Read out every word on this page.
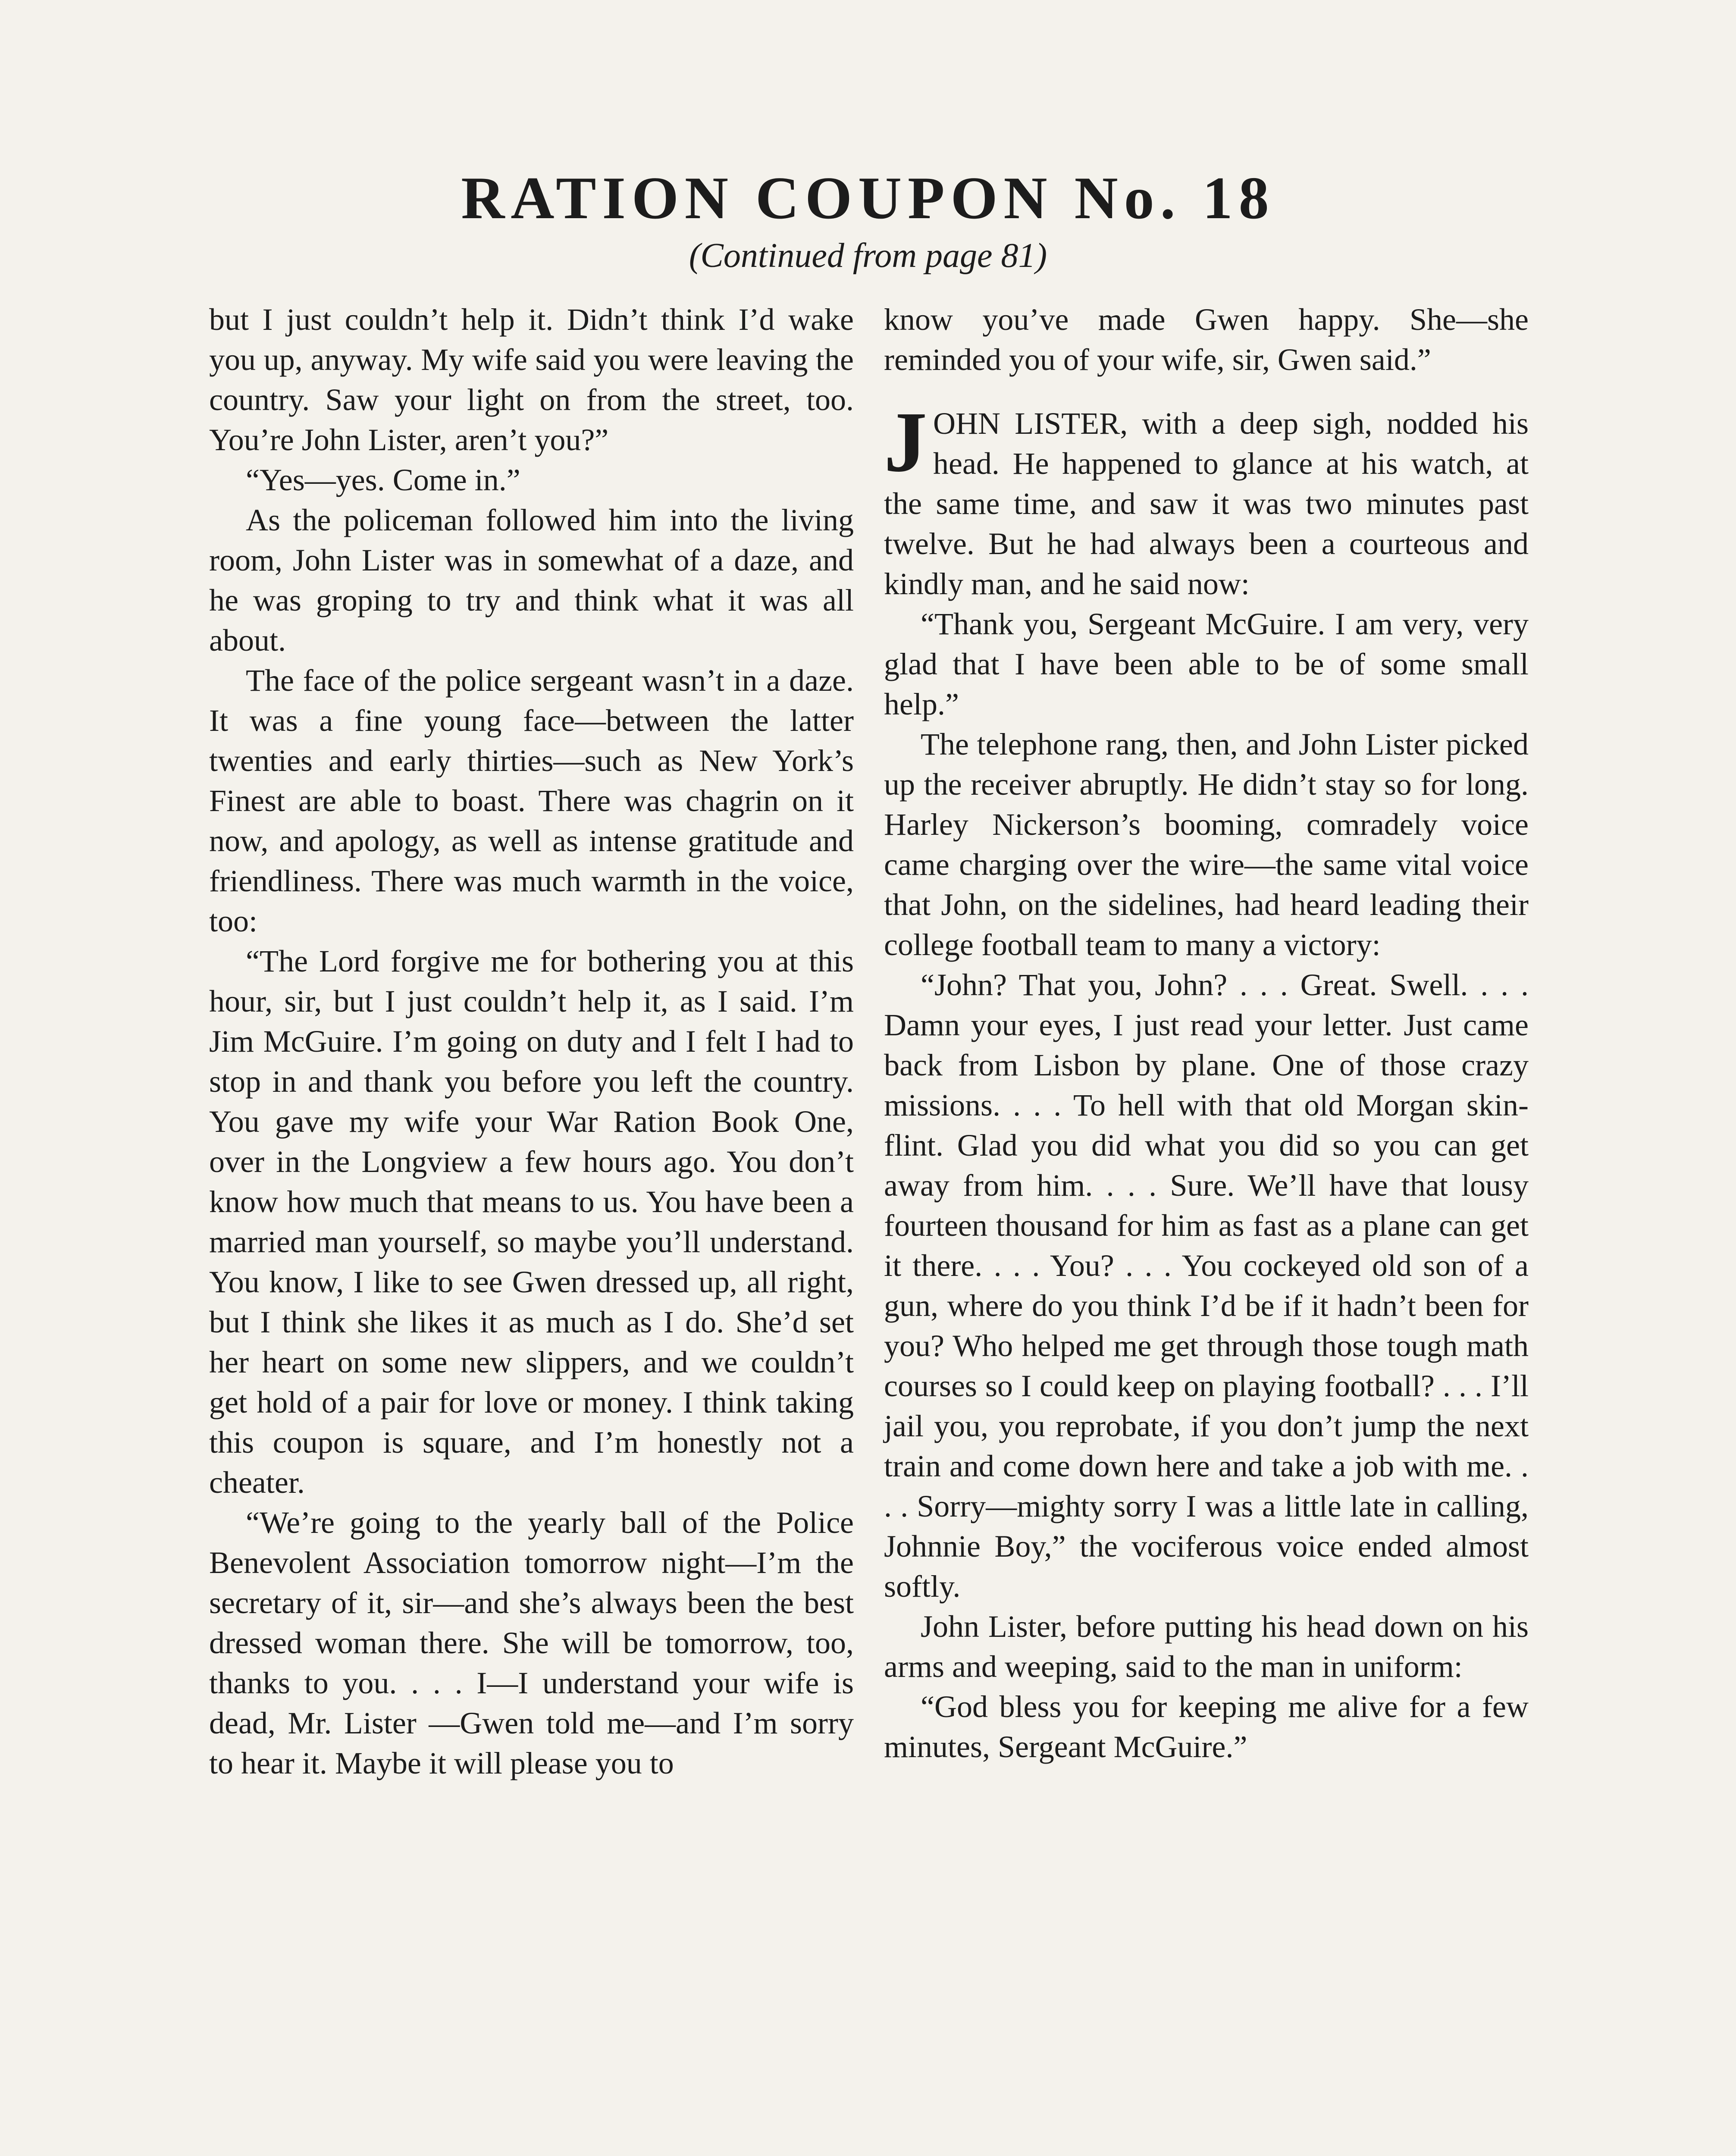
RATION COUPON No. 18
(Continued from page 81)

but I just couldn’t help it. Didn’t think I’d wake you up, anyway. My wife said you were leaving the country. Saw your light on from the street, too. You’re John Lister, aren’t you?”

“Yes—yes. Come in.”

As the policeman followed him into the living room, John Lister was in somewhat of a daze, and he was groping to try and think what it was all about.

The face of the police sergeant wasn’t in a daze. It was a fine young face—between the latter twenties and early thirties—such as New York’s Finest are able to boast. There was chagrin on it now, and apology, as well as intense gratitude and friendliness. There was much warmth in the voice, too:

“The Lord forgive me for bothering you at this hour, sir, but I just couldn’t help it, as I said. I’m Jim McGuire. I’m going on duty and I felt I had to stop in and thank you before you left the country. You gave my wife your War Ration Book One, over in the Longview a few hours ago. You don’t know how much that means to us. You have been a married man yourself, so maybe you’ll understand. You know, I like to see Gwen dressed up, all right, but I think she likes it as much as I do. She’d set her heart on some new slippers, and we couldn’t get hold of a pair for love or money. I think taking this coupon is square, and I’m honestly not a cheater.

“We’re going to the yearly ball of the Police Benevolent Association tomorrow night—I’m the secretary of it, sir—and she’s always been the best dressed woman there. She will be tomorrow, too, thanks to you. . . . I—I understand your wife is dead, Mr. Lister —Gwen told me—and I’m sorry to hear it. Maybe it will please you to

know you’ve made Gwen happy. She—she reminded you of your wife, sir, Gwen said.”

JOHN LISTER, with a deep sigh, nodded his head. He happened to glance at his watch, at the same time, and saw it was two minutes past twelve. But he had always been a courteous and kindly man, and he said now:

“Thank you, Sergeant McGuire. I am very, very glad that I have been able to be of some small help.”

The telephone rang, then, and John Lister picked up the receiver abruptly. He didn’t stay so for long. Harley Nickerson’s booming, comradely voice came charging over the wire—the same vital voice that John, on the sidelines, had heard leading their college football team to many a victory:

“John? That you, John? . . . Great. Swell. . . . Damn your eyes, I just read your letter. Just came back from Lisbon by plane. One of those crazy missions. . . . To hell with that old Morgan skinflint. Glad you did what you did so you can get away from him. . . . Sure. We’ll have that lousy fourteen thousand for him as fast as a plane can get it there. . . . You? . . . You cockeyed old son of a gun, where do you think I’d be if it hadn’t been for you? Who helped me get through those tough math courses so I could keep on playing football? . . . I’ll jail you, you reprobate, if you don’t jump the next train and come down here and take a job with me. . . . Sorry—mighty sorry I was a little late in calling, Johnnie Boy,” the vociferous voice ended almost softly.

John Lister, before putting his head down on his arms and weeping, said to the man in uniform:

“God bless you for keeping me alive for a few minutes, Sergeant McGuire.”
